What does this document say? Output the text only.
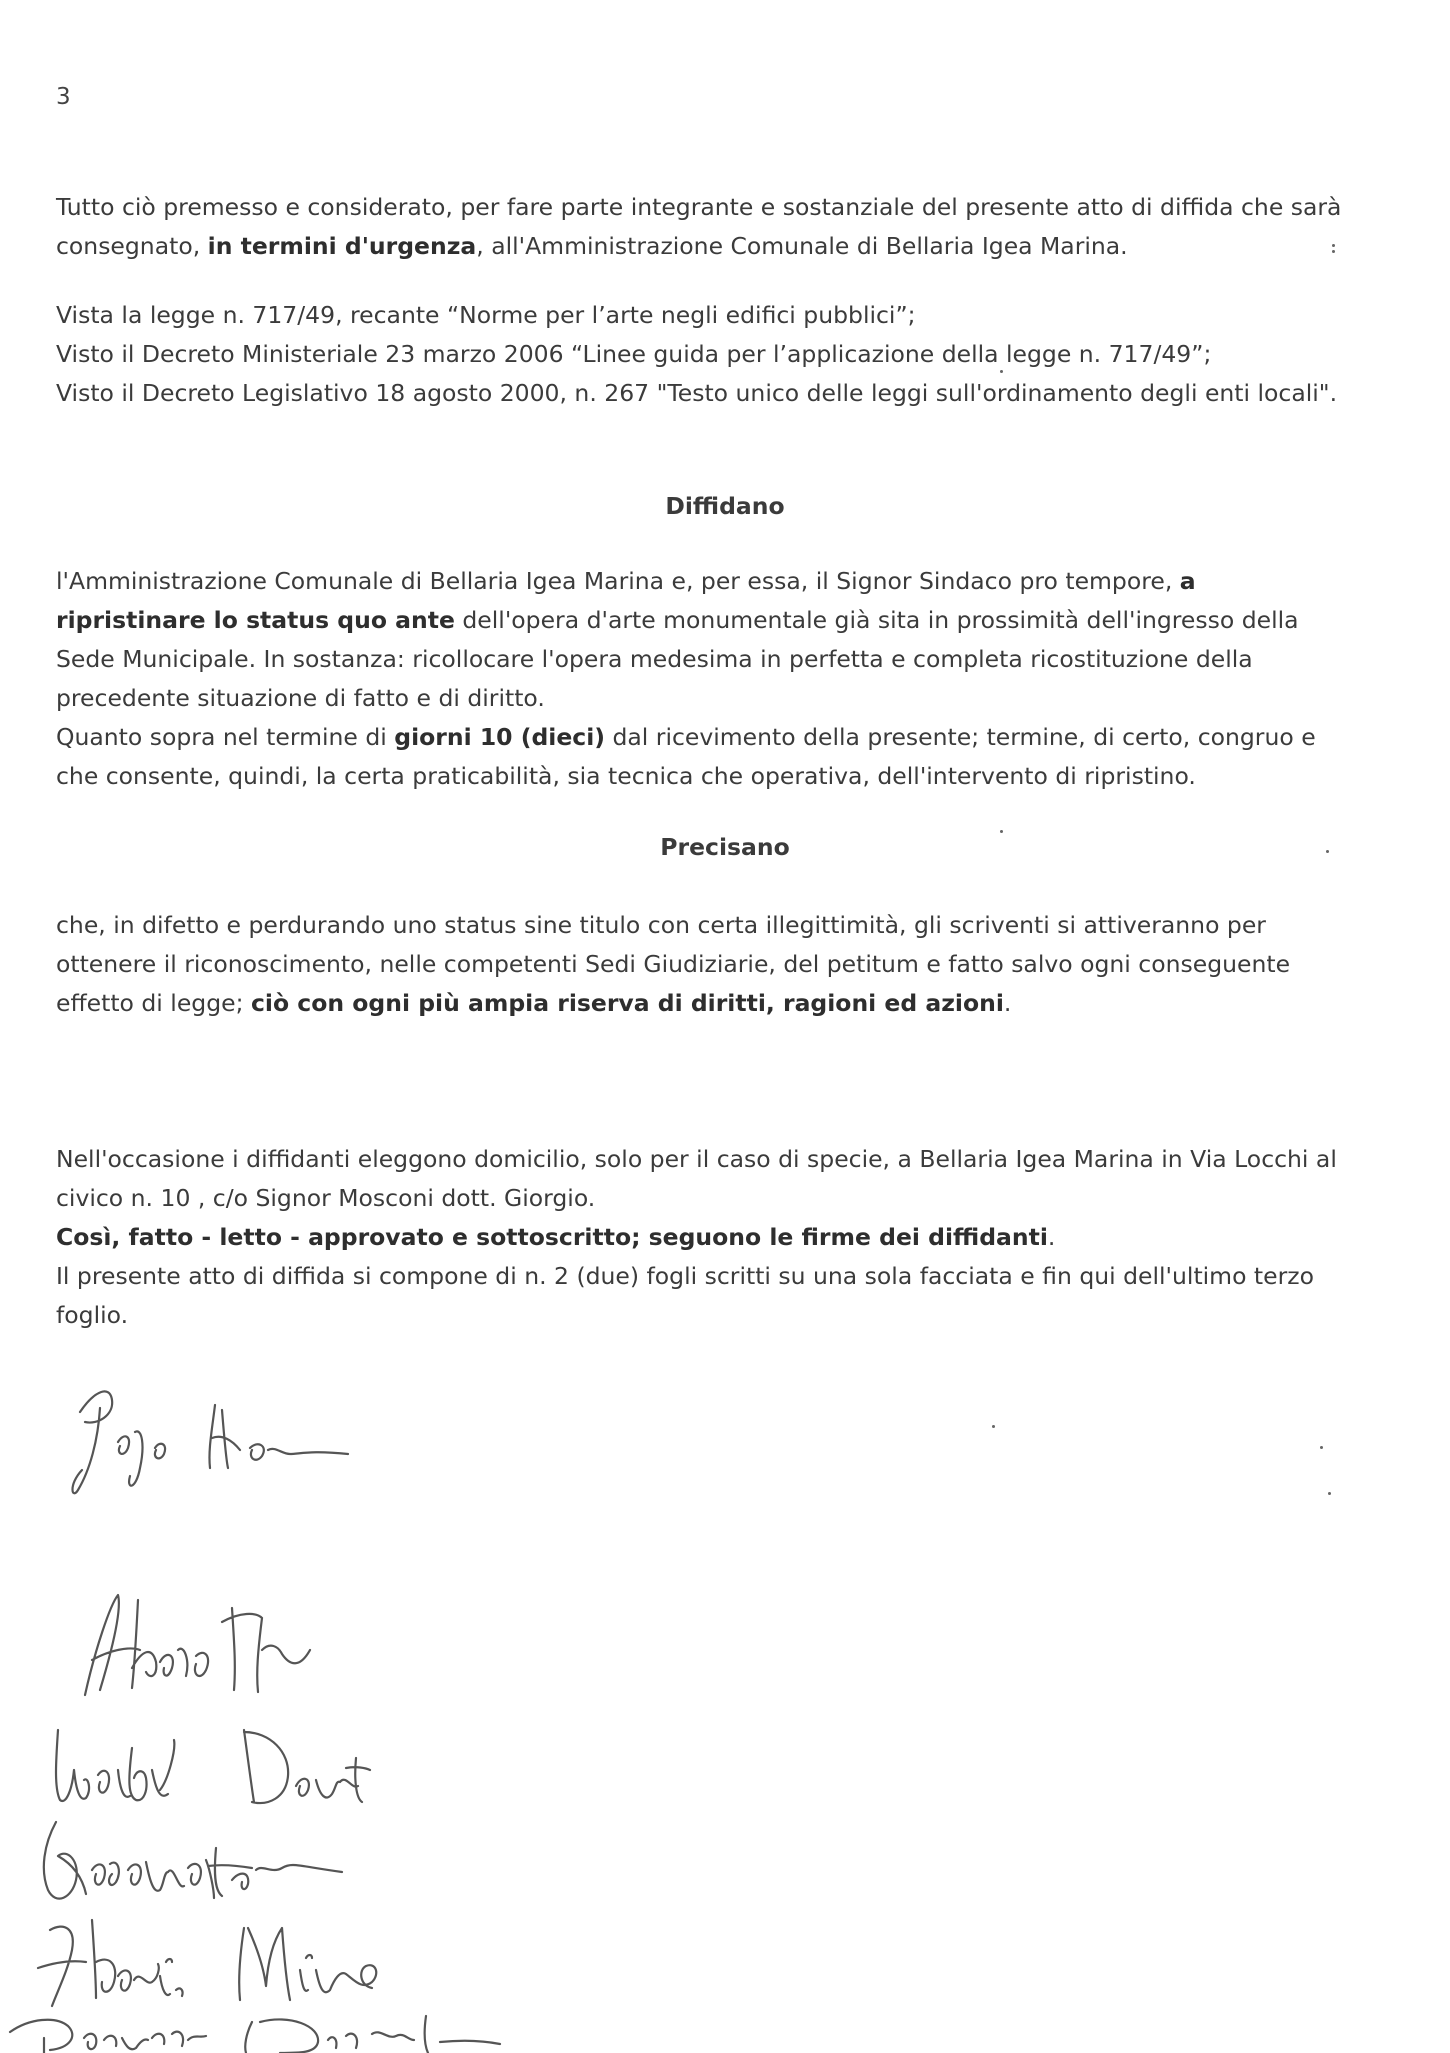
3
Tutto ciò premesso e considerato, per fare parte integrante e sostanziale del presente atto di diffida che sarà consegnato, in termini d'urgenza, all'Amministrazione Comunale di Bellaria Igea Marina.
Vista la legge n. 717/49, recante “Norme per l’arte negli edifici pubblici”;
Visto il Decreto Ministeriale 23 marzo 2006 “Linee guida per l’applicazione della legge n. 717/49”;
Visto il Decreto Legislativo 18 agosto 2000, n. 267 "Testo unico delle leggi sull'ordinamento degli enti locali".
Diffidano
l'Amministrazione Comunale di Bellaria Igea Marina e, per essa, il Signor Sindaco pro tempore, a ripristinare lo status quo ante dell'opera d'arte monumentale già sita in prossimità dell'ingresso della Sede Municipale. In sostanza: ricollocare l'opera medesima in perfetta e completa ricostituzione della precedente situazione di fatto e di diritto.
Quanto sopra nel termine di giorni 10 (dieci) dal ricevimento della presente; termine, di certo, congruo e che consente, quindi, la certa praticabilità, sia tecnica che operativa, dell'intervento di ripristino.
Precisano
che, in difetto e perdurando uno status sine titulo con certa illegittimità, gli scriventi si attiveranno per ottenere il riconoscimento, nelle competenti Sedi Giudiziarie, del petitum e fatto salvo ogni conseguente effetto di legge; ciò con ogni più ampia riserva di diritti, ragioni ed azioni.
Nell'occasione i diffidanti eleggono domicilio, solo per il caso di specie, a Bellaria Igea Marina in Via Locchi al civico n. 10 , c/o Signor Mosconi dott. Giorgio.
Così, fatto - letto - approvato e sottoscritto; seguono le firme dei diffidanti.
Il presente atto di diffida si compone di n. 2 (due) fogli scritti su una sola facciata e fin qui dell'ultimo terzo foglio.
